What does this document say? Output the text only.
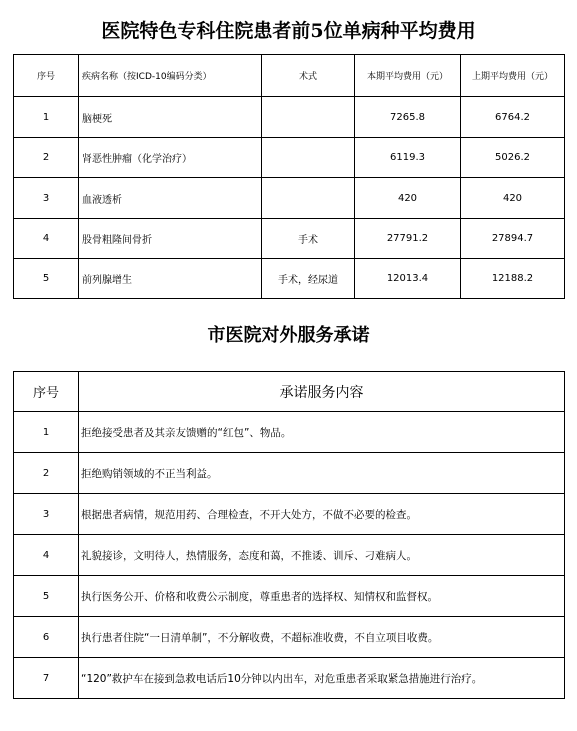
医院特色专科住院患者前5位单病种平均费用
序号	疾病名称（按ICD-10编码分类）	术式	本期平均费用（元）	上期平均费用（元）
1	脑梗死		7265.8	6764.2
2	肾恶性肿瘤（化学治疗）		6119.3	5026.2
3	血液透析		420	420
4	股骨粗隆间骨折	手术	27791.2	27894.7
5	前列腺增生	手术，经尿道	12013.4	12188.2
市医院对外服务承诺
序号	承诺服务内容
1	拒绝接受患者及其亲友馈赠的“红包”、物品。
2	拒绝购销领域的不正当利益。
3	根据患者病情，规范用药、合理检查，不开大处方，不做不必要的检查。
4	礼貌接诊，文明待人，热情服务，态度和蔼，不推诿、训斥、刁难病人。
5	执行医务公开、价格和收费公示制度，尊重患者的选择权、知情权和监督权。
6	执行患者住院“一日清单制”，不分解收费，不超标准收费，不自立项目收费。
7	“120”救护车在接到急救电话后10分钟以内出车，对危重患者采取紧急措施进行治疗。
